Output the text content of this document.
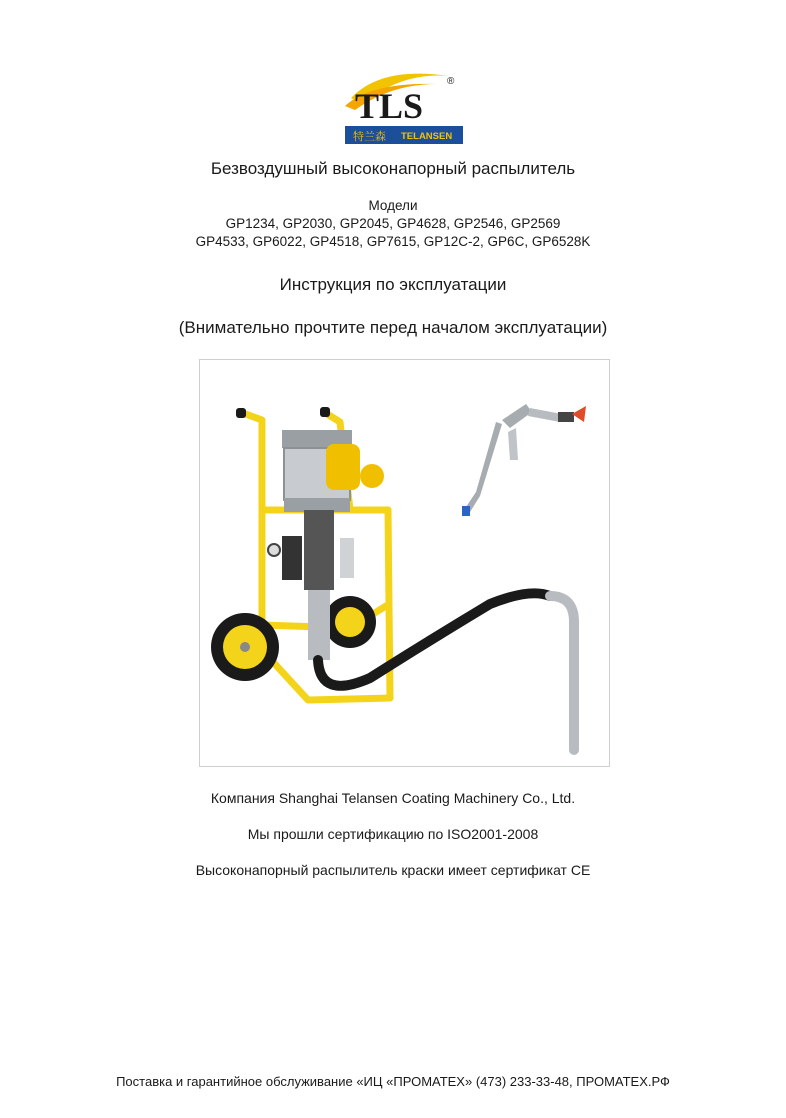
TLS
®
特兰森 TELANSEN

Безвоздушный высоконапорный распылитель

Модели

GP1234, GP2030, GP2045, GP4628, GP2546, GP2569

GP4533, GP6022, GP4518, GP7615, GP12C-2, GP6C, GP6528K

Инструкция по эксплуатации

(Внимательно прочтите перед началом эксплуатации)

Компания Shanghai Telansen Coating Machinery Co., Ltd.

Мы прошли сертификацию по ISO2001-2008

Высоконапорный распылитель краски имеет сертификат CE

Поставка и гарантийное обслуживание «ИЦ «ПРОМАТЕХ» (473) 233-33-48, ПРОМАТЕХ.РФ
